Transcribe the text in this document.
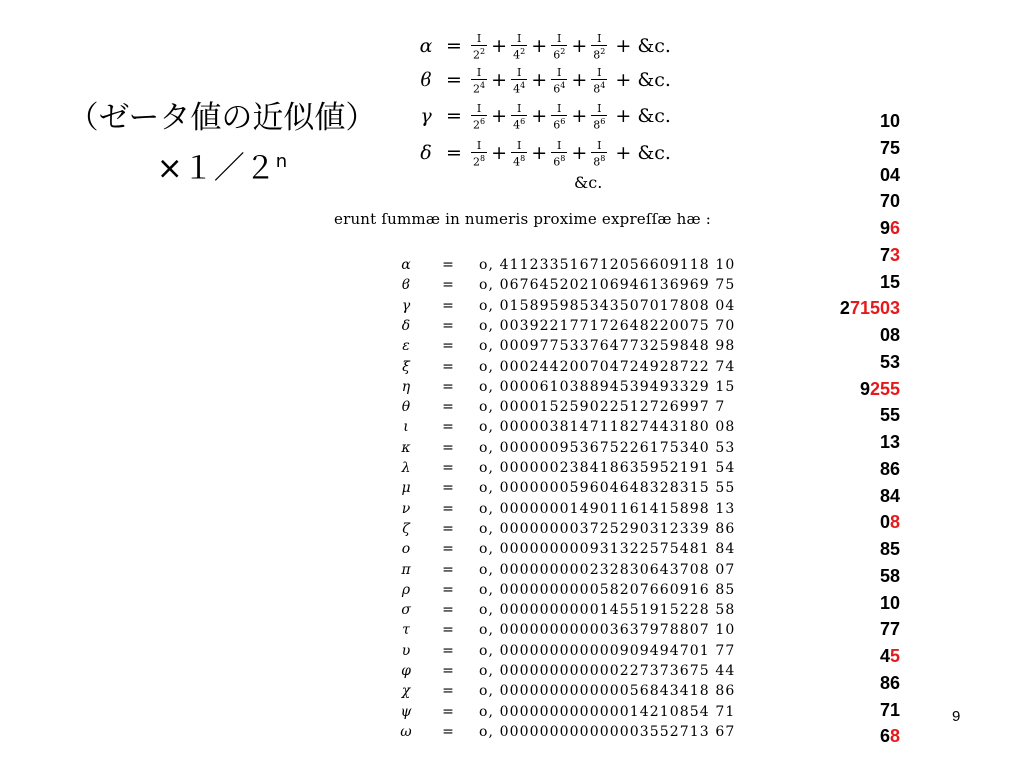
（ゼータ値の近似値）
$\times 1/2^n$
$\alpha = \frac{I}{2^2} + \frac{I}{4^2} + \frac{I}{6^2} + \frac{I}{8^2}$ + &c.
$ϐ = \frac{I}{2^4} + \frac{I}{4^4} + \frac{I}{6^4} + \frac{I}{8^4}$ + &c.
$\gamma = \frac{I}{2^6} + \frac{I}{4^6} + \frac{I}{6^6} + \frac{I}{8^6}$ + &c.
$\delta = \frac{I}{2^8} + \frac{I}{4^8} + \frac{I}{6^8} + \frac{I}{8^8}$ + &c.
&c.
erunt ſummæ in numeris proxime expreſſæ hæ :
α = o, 411233516712056609118 10
ϐ = o, 067645202106946136969 75
γ = o, 015895985343507017808 04
δ = o, 003922177172648220075 70
ε = o, 000977533764773259848 98
ξ = o, 000244200704724928722 74
η = o, 000061038894539493329 15
θ = o, 000015259022512726997 7
ι = o, 000003814711827443180 08
κ = o, 000000953675226175340 53
λ = o, 000000238418635952191 54
μ = o, 000000059604648328315 55
ν = o, 000000014901161415898 13
ζ = o, 000000003725290312339 86
ο = o, 000000000931322575481 84
π = o, 000000000232830643708 07
ρ = o, 000000000058207660916 85
σ = o, 000000000014551915228 58
τ = o, 000000000003637978807 10
υ = o, 000000000000909494701 77
φ = o, 000000000000227373675 44
χ = o, 000000000000056843418 86
ψ = o, 000000000000014210854 71
ω = o, 000000000000003552713 67
10
75
04
70
96
73
15
271503
08
53
9255
55
13
86
84
08
85
58
10
77
45
86
71
68
9
